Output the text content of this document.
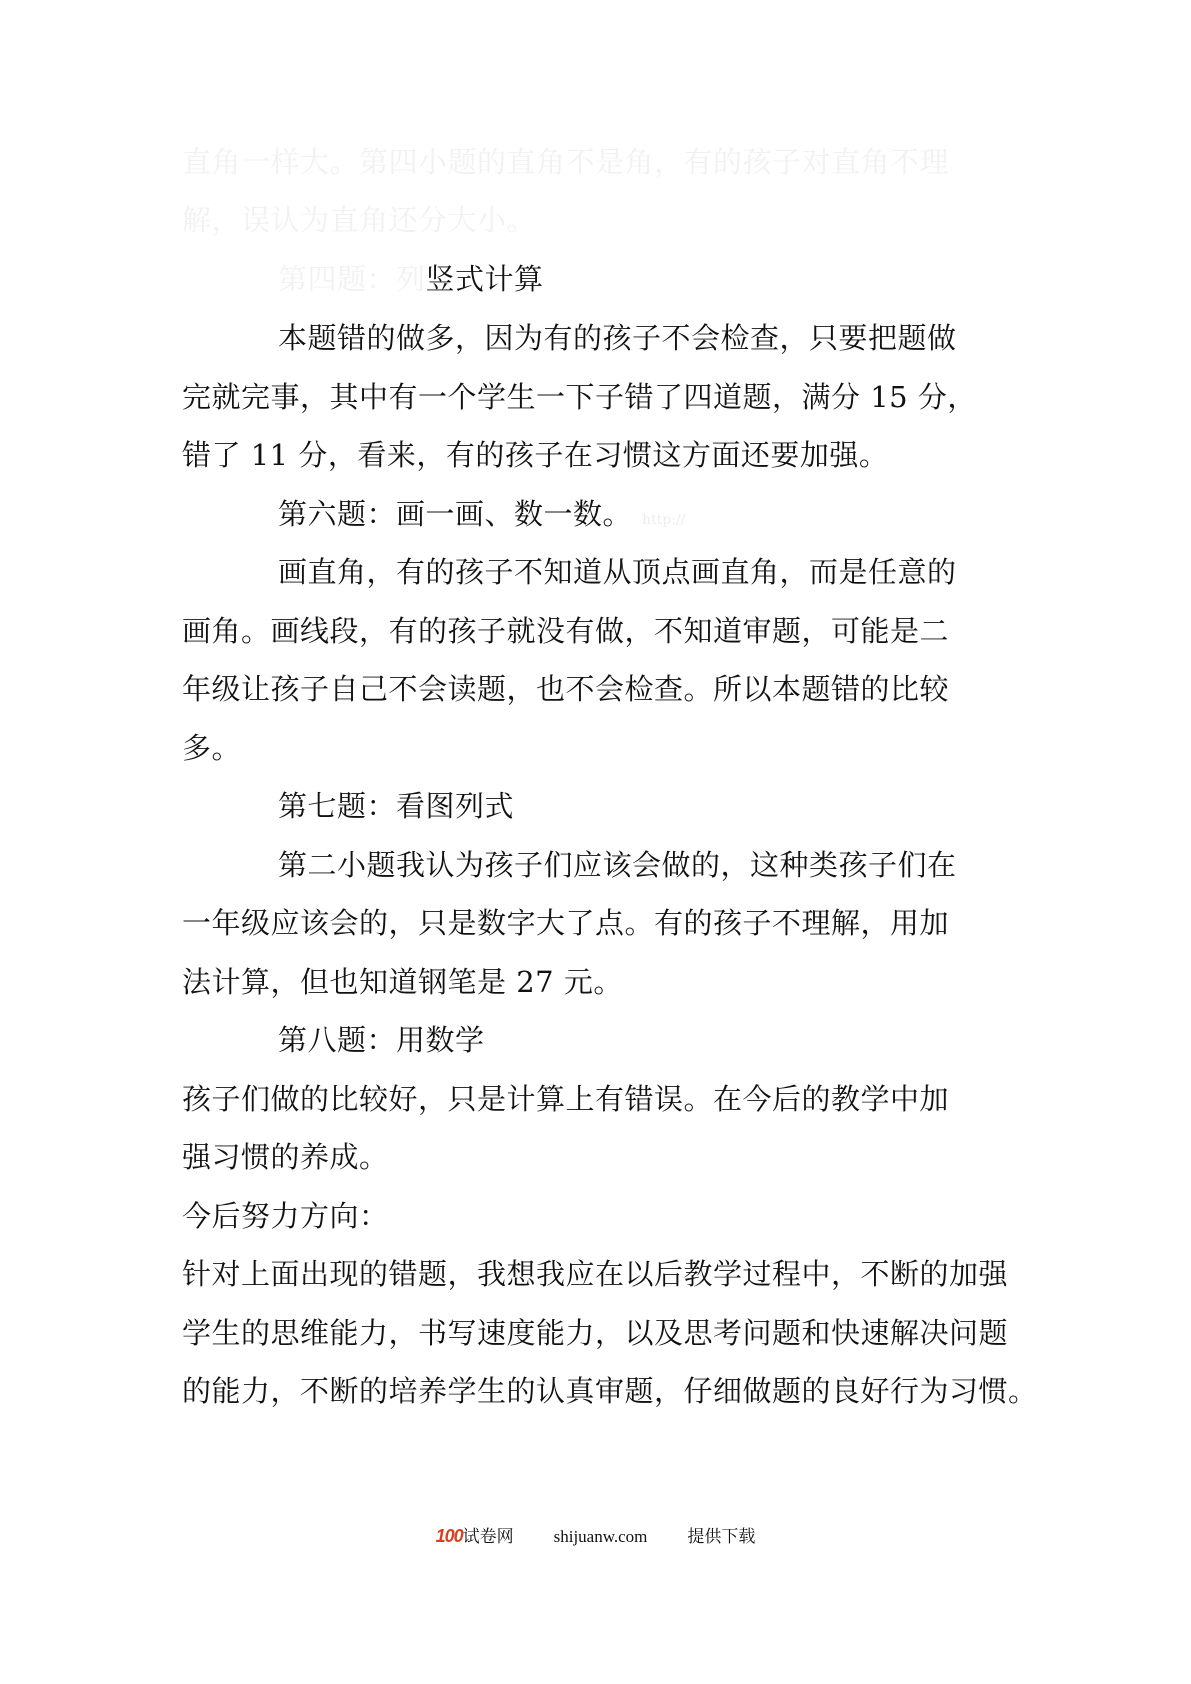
直角一样大。第四小题的直角不是角，有的孩子对直角不理
解，误认为直角还分大小。
第四题：列竖式计算
本题错的做多，因为有的孩子不会检查，只要把题做
完就完事，其中有一个学生一下子错了四道题，满分 15 分，
错了 11 分，看来，有的孩子在习惯这方面还要加强。
第六题：画一画、数一数。 http://
画直角，有的孩子不知道从顶点画直角，而是任意的
画角。画线段，有的孩子就没有做，不知道审题，可能是二
年级让孩子自己不会读题，也不会检查。所以本题错的比较
多。
第七题：看图列式
第二小题我认为孩子们应该会做的，这种类孩子们在
一年级应该会的，只是数字大了点。有的孩子不理解，用加
法计算，但也知道钢笔是 27 元。
第八题：用数学
孩子们做的比较好，只是计算上有错误。在今后的教学中加
强习惯的养成。
今后努力方向：
针对上面出现的错题，我想我应在以后教学过程中，不断的加强
学生的思维能力，书写速度能力，以及思考问题和快速解决问题
的能力，不断的培养学生的认真审题，仔细做题的良好行为习惯。
100试卷网 shijuanw.com 提供下载
